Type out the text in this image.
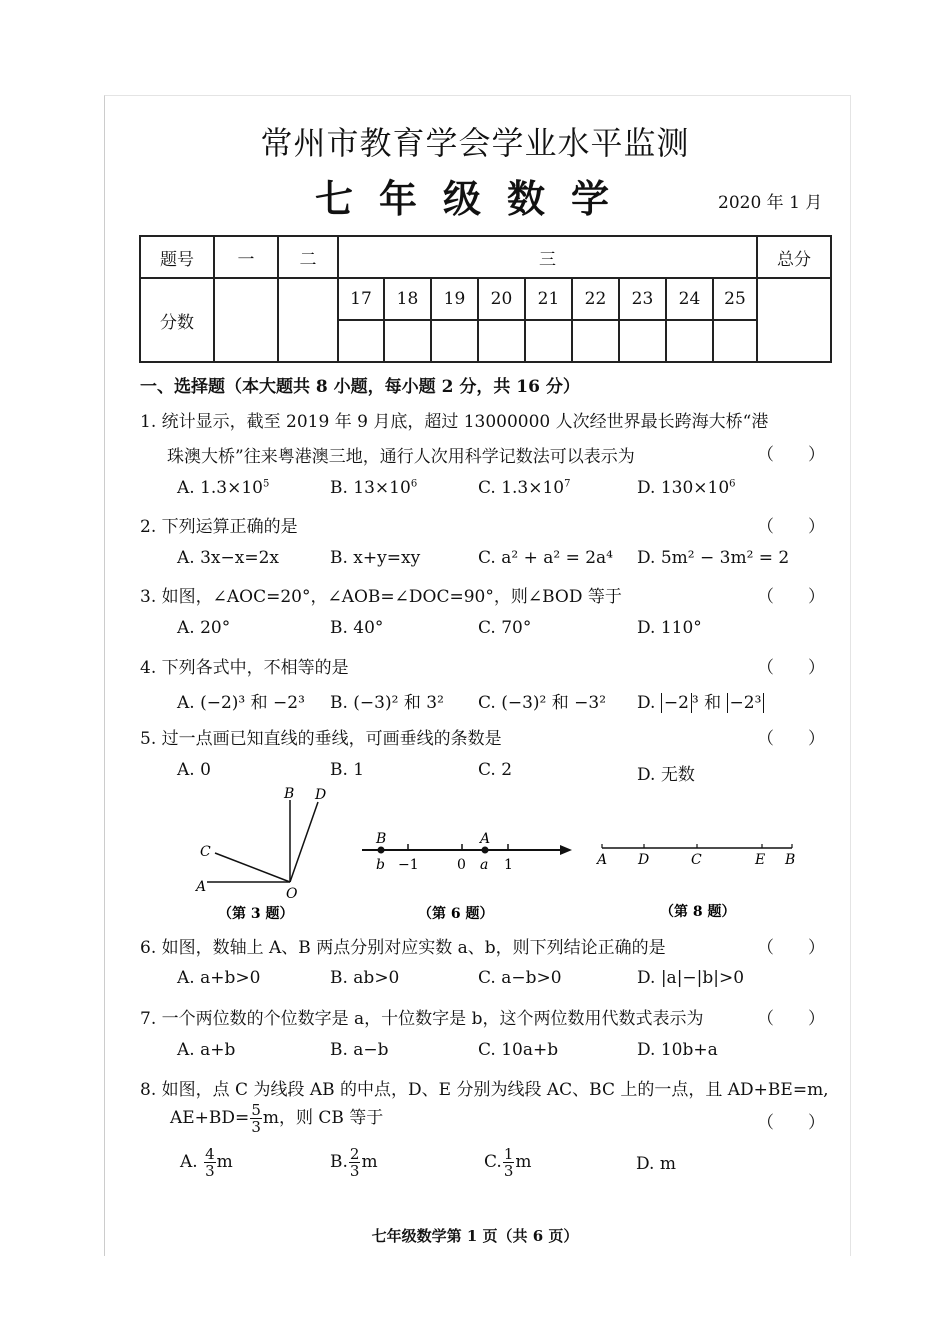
常州市教育学会学业水平监测
七年级数学	2020 年 1 月
题号	一	二	三									总分
分数			17	18	19	20	21	22	23	24	25	

一、选择题（本大题共 8 小题，每小题 2 分，共 16 分）
1. 统计显示，截至 2019 年 9 月底，超过 13000000 人次经世界最长跨海大桥“港
珠澳大桥”往来粤港澳三地，通行人次用科学记数法可以表示为	（　　）
A. $1.3\times 10^5$	B. $13\times 10^6$	C. $1.3\times 10^7$	D. $130\times 10^6$
2. 下列运算正确的是	（　　）
A. 3x−x=2x	B. x+y=xy	C. a² + a² = 2a⁴ D. 5m² − 3m² = 2
3. 如图，∠AOC=20°，∠AOB=∠DOC=90°，则∠BOD 等于	（　　）
A. 20°	B. 40°	C. 70°	D. 110°
4. 下列各式中，不相等的是	（　　）
A. (−2)³ 和 −2³ B. (−3)² 和 3² C. (−3)² 和 −3² D. −2 ³ 和 −2³
5. 过一点画已知直线的垂线，可画垂线的条数是	（　　）
A. 0	B. 1	C. 2	D. 无数
A
C
B D
O
（第 3 题）
B	A
b −1	0 a 1
（第 6 题）
A D	C	E B
（第 8 题）
6. 如图，数轴上 A、B 两点分别对应实数 a、b，则下列结论正确的是	（　　）
A. a+b>0	B. ab>0	C. a−b>0	D. |a|−|b|>0
7. 一个两位数的个位数字是 a，十位数字是 b，这个两位数用代数式表示为	（　　）
A. a+b	B. a−b	C. 10a+b	D. 10b+a
8. 如图，点 C 为线段 AB 的中点，D、E 分别为线段 AC、BC 上的一点，且 AD+BE=m,
$AE+BD= \frac{5}{3}$ m，则 CB 等于	（　　）
A. $\frac{4}{3}$ m	B. $\frac{2}{3}$ m	C. $\frac{1}{3}$ m	D. m
七年级数学第 1 页（共 6 页）
